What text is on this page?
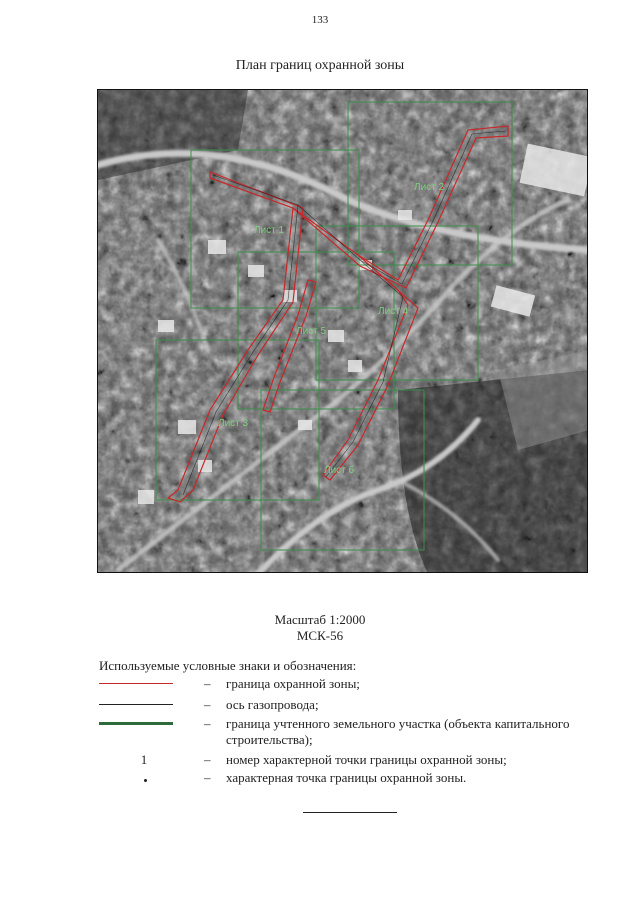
133
План границ охранной зоны
Лист 1
Лист 2
Лист 3
Лист 4
Лист 5
Лист 6
Масштаб 1:2000
МСК-56
Используемые условные знаки и обозначения:
– граница охранной зоны;
– ось газопровода;
– граница учтенного земельного участка (объекта капитального строительства);
1	– номер характерной точки границы охранной зоны;
– характерная точка границы охранной зоны.
